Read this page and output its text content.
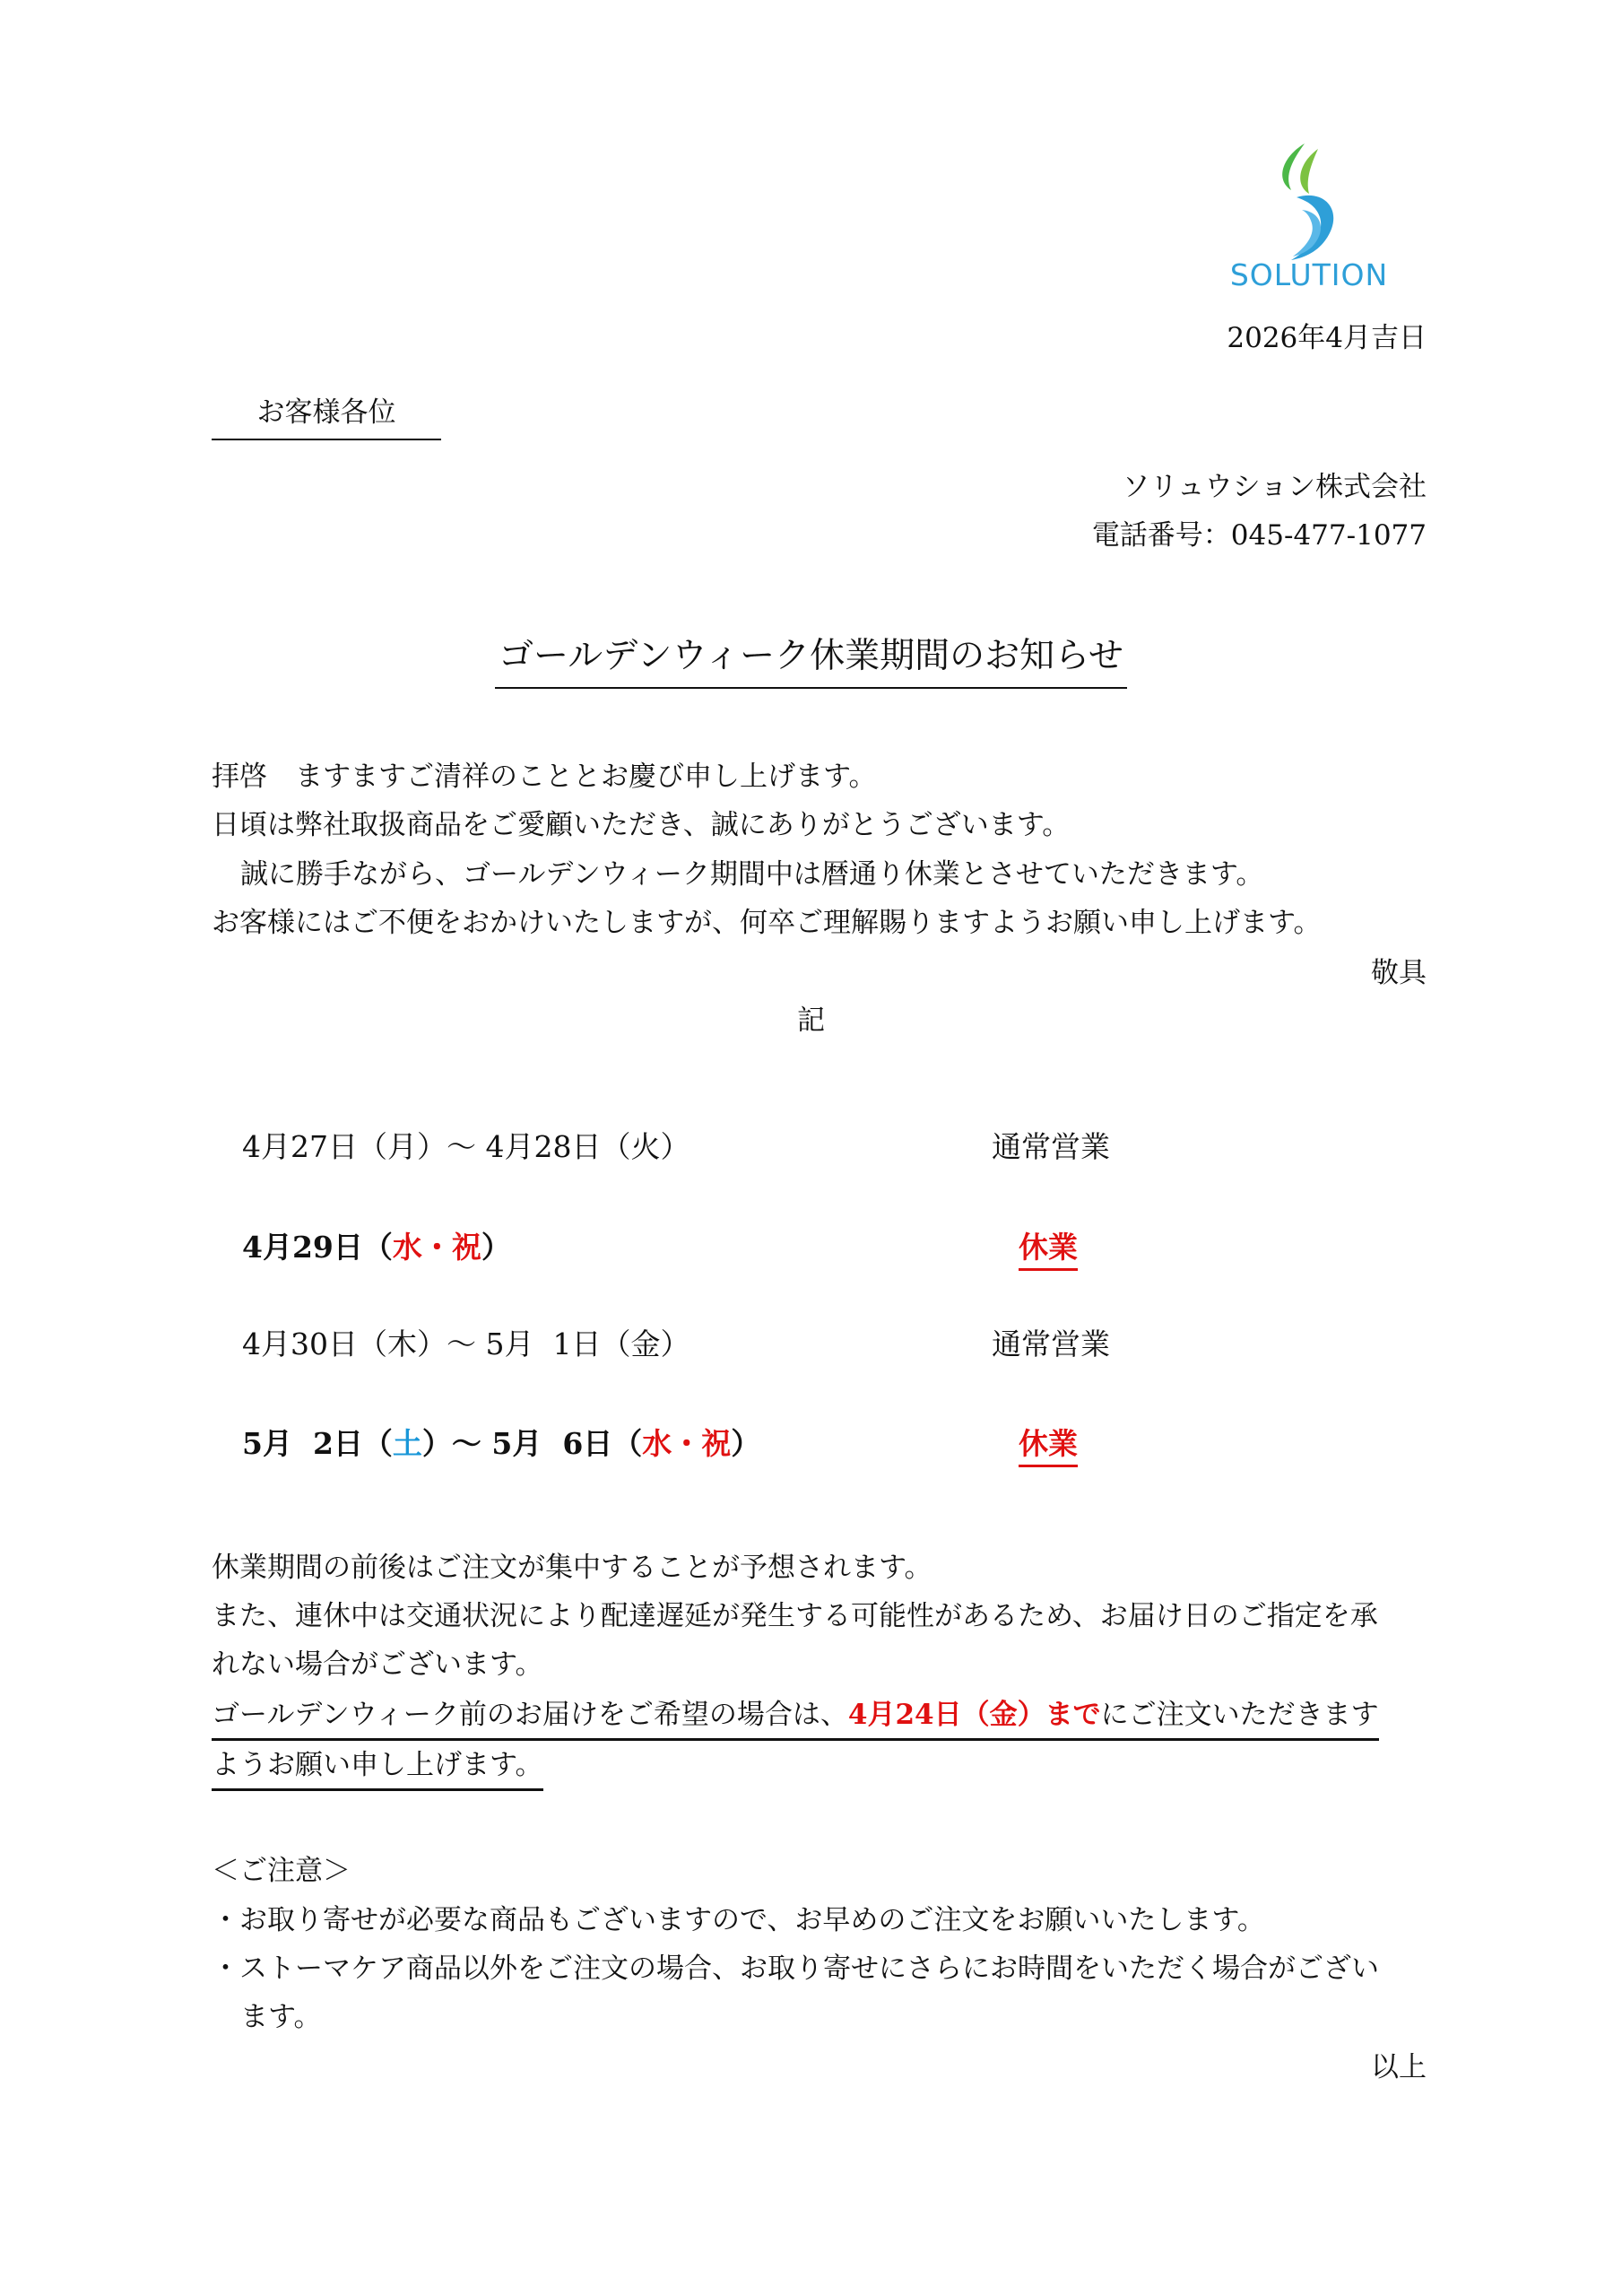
SOLUTION
2026年4月吉日
お客様各位
ソリュウション株式会社
電話番号：045-477-1077
ゴールデンウィーク休業期間のお知らせ
拝啓　ますますご清祥のこととお慶び申し上げます。
日頃は弊社取扱商品をご愛顧いただき、誠にありがとうございます。
誠に勝手ながら、ゴールデンウィーク期間中は暦通り休業とさせていただきます。
お客様にはご不便をおかけいたしますが、何卒ご理解賜りますようお願い申し上げます。
敬具
記
4月27日（月）～ 4月28日（火）	通常営業
4月29日（水・祝）	休業
4月30日（木）～ 5月  1日（金）	通常営業
5月  2日（土）～ 5月  6日（水・祝）	休業
休業期間の前後はご注文が集中することが予想されます。
また、連休中は交通状況により配達遅延が発生する可能性があるため、お届け日のご指定を承
れない場合がございます。
ゴールデンウィーク前のお届けをご希望の場合は、4月24日（金）までにご注文いただきます
ようお願い申し上げます。
＜ご注意＞
・お取り寄せが必要な商品もございますので、お早めのご注文をお願いいたします。
・ストーマケア商品以外をご注文の場合、お取り寄せにさらにお時間をいただく場合がござい
ます。
以上
